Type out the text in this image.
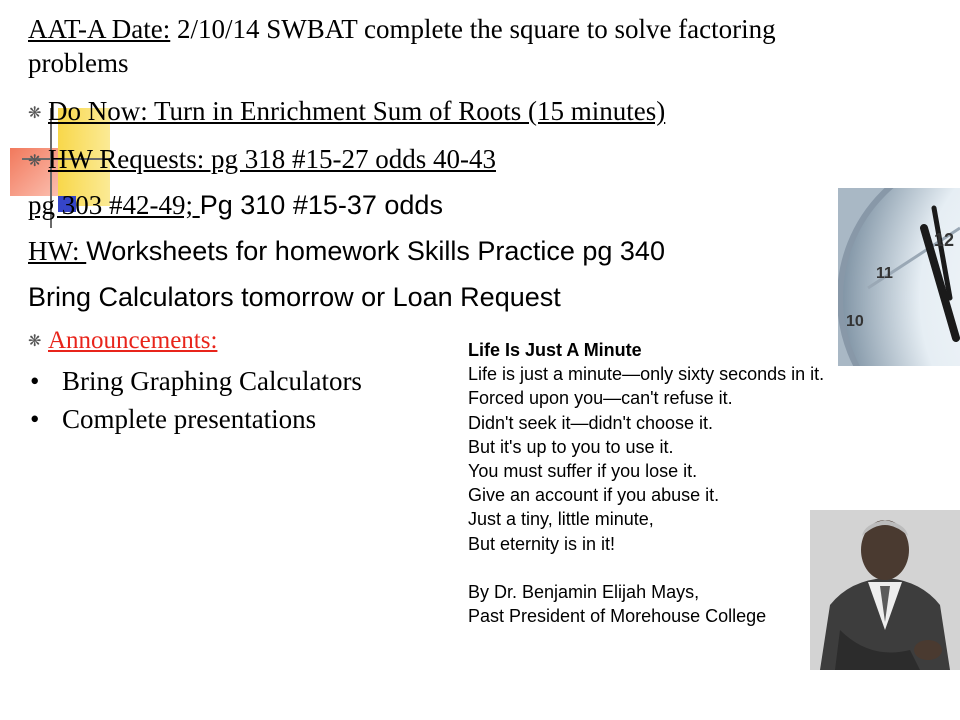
AAT-A Date: 2/10/14 SWBAT complete the square to solve factoring
problems
❋ Do Now: Turn in Enrichment Sum of Roots (15 minutes)
❋ HW Requests: pg 318 #15-27 odds 40-43
pg 303 #42-49; Pg 310 #15-37 odds
HW: Worksheets for homework Skills Practice pg 340
Bring Calculators tomorrow or Loan Request
❋ Announcements:
• Bring Graphing Calculators
• Complete presentations
12
11
10
Life Is Just A Minute
Life is just a minute—only sixty seconds in it.
Forced upon you—can't refuse it.
Didn't seek it—didn't choose it.
But it's up to you to use it.
You must suffer if you lose it.
Give an account if you abuse it.
Just a tiny, little minute,
But eternity is in it!
By Dr. Benjamin Elijah Mays,
Past President of Morehouse College
